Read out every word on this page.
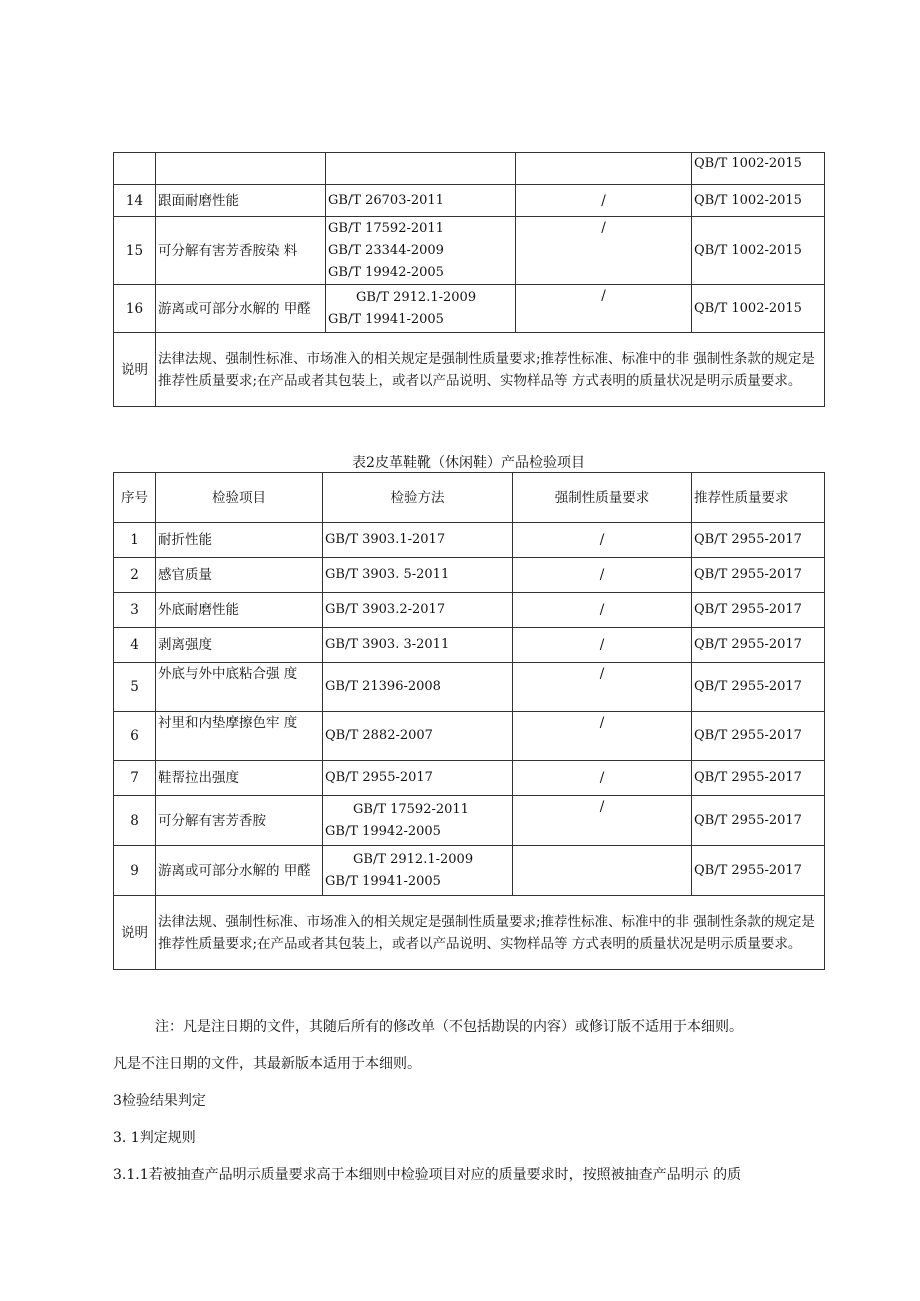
				QB/T 1002-2015
14	跟面耐磨性能	GB/T 26703-2011	/	QB/T 1002-2015
15	可分解有害芳香胺染 料	GB/T 17592-2011
GB/T 23344-2009
GB/T 19942-2005	/	QB/T 1002-2015
16	游离或可部分水解的 甲醛	GB/T 2912.1-2009
GB/T 19941-2005	/	QB/T 1002-2015
说明	法律法规、强制性标准、市场准入的相关规定是强制性质量要求;推荐性标准、标准中的非 强制性条款的规定是推荐性质量要求;在产品或者其包装上，或者以产品说明、实物样品等 方式表明的质量状况是明示质量要求。			
表2皮革鞋靴（休闲鞋）产品检验项目
序号	检验项目	检验方法	强制性质量要求	推荐性质量要求
1	耐折性能	GB/T 3903.1-2017	/	QB/T 2955-2017
2	感官质量	GB/T 3903. 5-2011	/	QB/T 2955-2017
3	外底耐磨性能	GB/T 3903.2-2017	/	QB/T 2955-2017
4	剥离强度	GB/T 3903. 3-2011	/	QB/T 2955-2017
5	外底与外中底粘合强 度	GB/T 21396-2008	/	QB/T 2955-2017
6	衬里和内垫摩擦色牢 度	QB/T 2882-2007	/	QB/T 2955-2017
7	鞋帮拉出强度	QB/T 2955-2017	/	QB/T 2955-2017
8	可分解有害芳香胺	GB/T 17592-2011
GB/T 19942-2005	/	QB/T 2955-2017
9	游离或可部分水解的 甲醛	GB/T 2912.1-2009
GB/T 19941-2005		QB/T 2955-2017
说明	法律法规、强制性标准、市场准入的相关规定是强制性质量要求;推荐性标准、标准中的非 强制性条款的规定是推荐性质量要求;在产品或者其包装上，或者以产品说明、实物样品等 方式表明的质量状况是明示质量要求。			
注：凡是注日期的文件，其随后所有的修改单（不包括勘误的内容）或修订版不适用于本细则。
凡是不注日期的文件，其最新版本适用于本细则。
3检验结果判定
3. 1判定规则
3.1.1若被抽查产品明示质量要求高于本细则中检验项目对应的质量要求时，按照被抽查产品明示 的质
